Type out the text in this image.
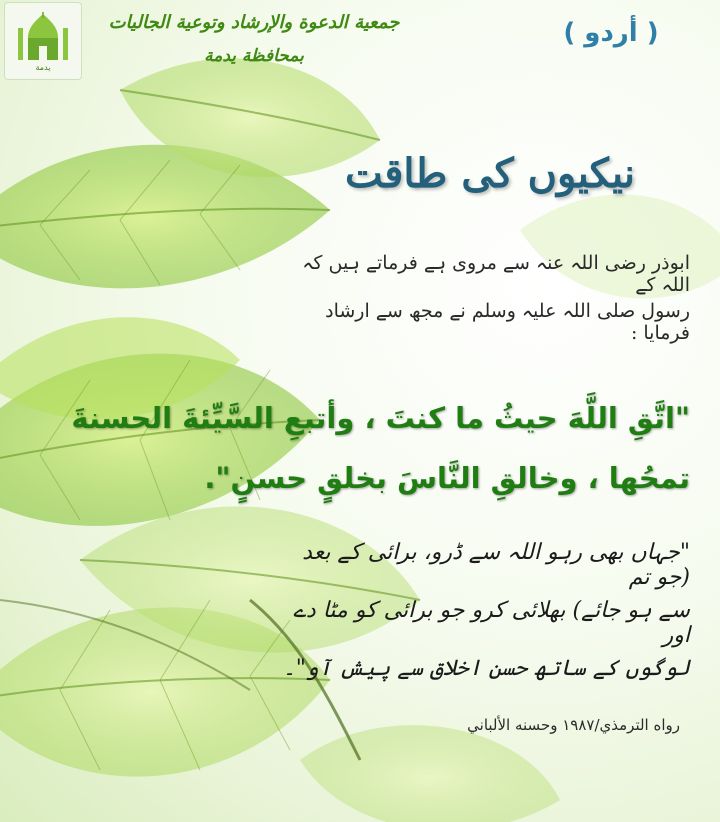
يدمة
جمعية الدعوة والإرشاد وتوعية الجاليات
بمحافظة يدمة
( أردو )
نیکیوں کی طاقت
ابوذر رضی اللہ عنہ سے مروی ہے فرماتے ہیں کہ اللہ کے
رسول صلی اللہ علیہ وسلم نے مجھ سے ارشاد فرمایا :
"اتَّقِ اللَّهَ حيثُ ما كنتَ ، وأتبعِ السَّيِّئةَ الحسنةَ
تمحُها ، وخالقِ النَّاسَ بخلقٍ حسنٍ".
"جہاں بھی رہو اللہ سے ڈرو، برائی کے بعد (جو تم
سے ہو جائے) بھلائی کرو جو برائی کو مٹا دے اور
لوگوں کے ساتھ حسن اخلاق سے پیش آو"۔
رواه الترمذي/١٩٨٧ وحسنه الألباني
